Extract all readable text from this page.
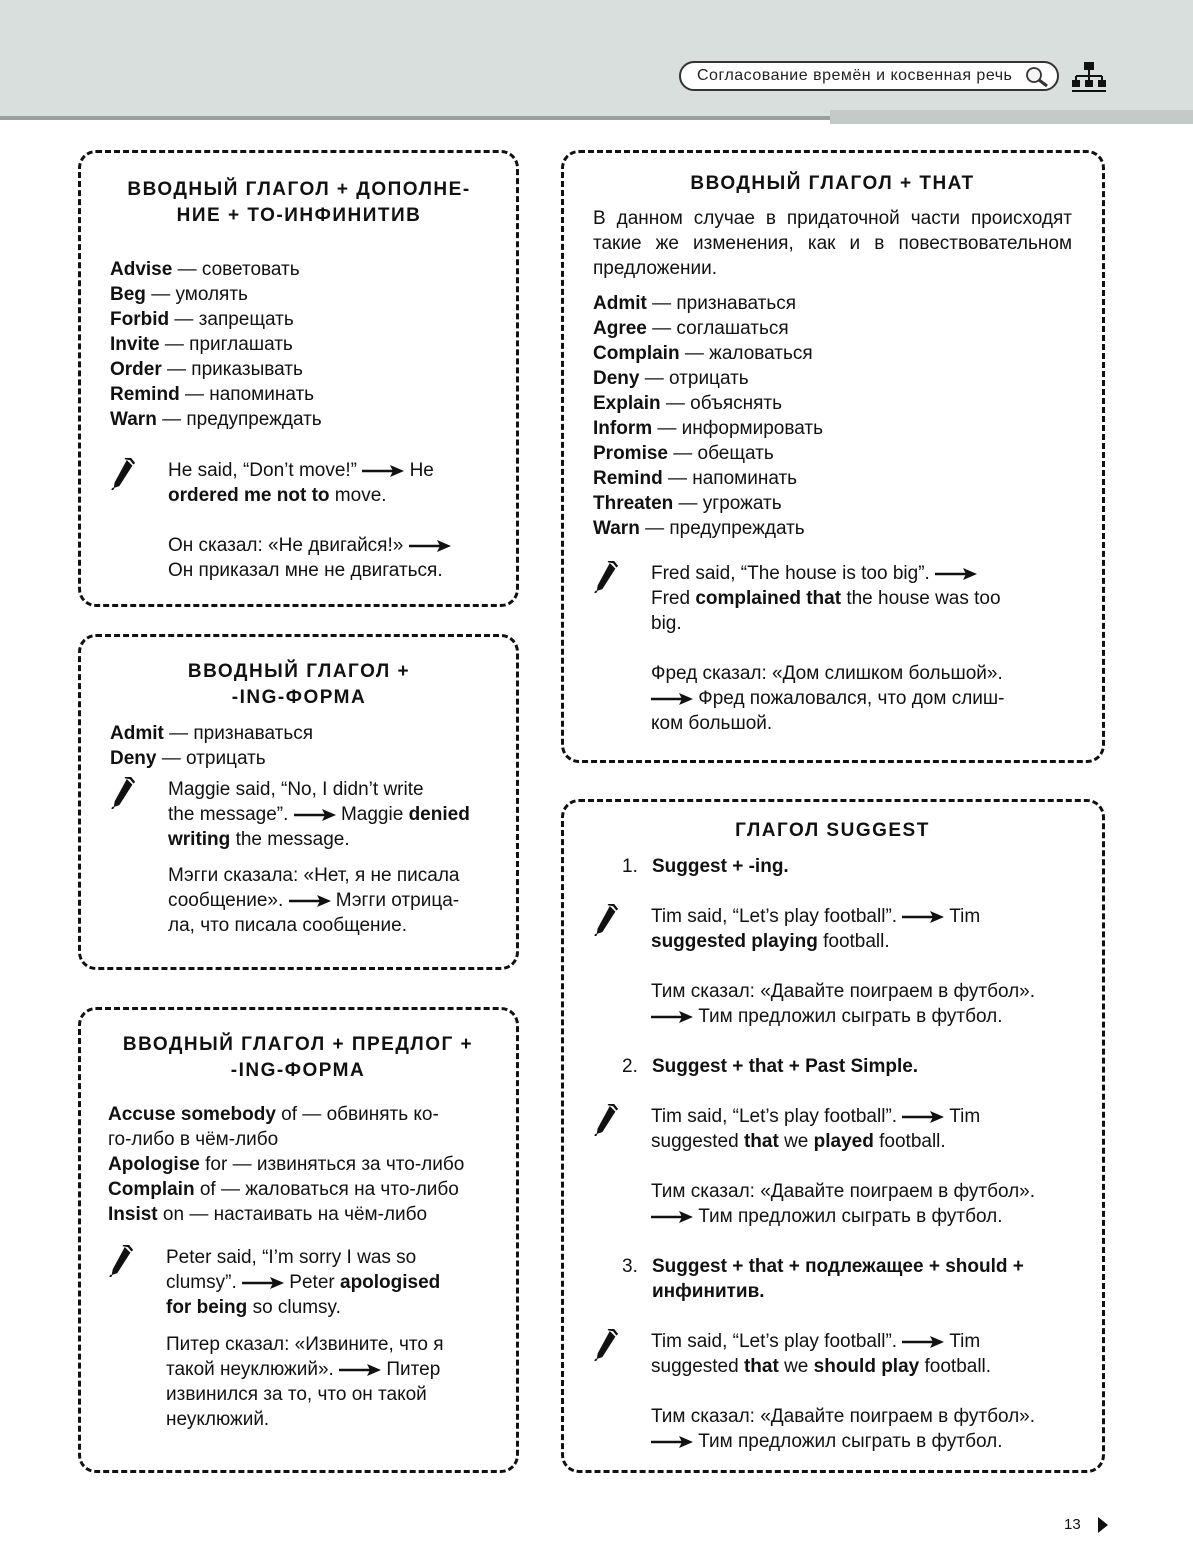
Согласование времён и косвенная речь
ВВОДНЫЙ ГЛАГОЛ + ДОПОЛНЕ-
НИЕ + TO-ИНФИНИТИВ
Advise — советовать
Beg — умолять
Forbid — запрещать
Invite — приглашать
Order — приказывать
Remind — напоминать
Warn — предупреждать
He said, “Don’t move!”	He
ordered me not to move.
Он сказал: «Не двигайся!»
Он приказал мне не двигаться.
ВВОДНЫЙ ГЛАГОЛ +
-ING-ФОРМА
Admit — признаваться
Deny — отрицать
Maggie said, “No, I didn’t write
the message”.	Maggie denied
writing the message.
Мэгги сказала: «Нет, я не писала
сообщение».	Мэгги отрица-
ла, что писала сообщение.
ВВОДНЫЙ ГЛАГОЛ + ПРЕДЛОГ +
-ING-ФОРМА
Accuse somebody of — обвинять ко-
го-либо в чём-либо
Apologise for — извиняться за что-либо
Complain of — жаловаться на что-либо
Insist on — настаивать на чём-либо
Peter said, “I’m sorry I was so
clumsy”.	Peter apologised
for being so clumsy.
Питер сказал: «Извините, что я
такой неуклюжий».	Питер
извинился за то, что он такой
неуклюжий.
ВВОДНЫЙ ГЛАГОЛ + THAT
В данном случае в придаточной части происходят такие же изменения, как и в повествовательном предложении.
Admit — признаваться
Agree — соглашаться
Complain — жаловаться
Deny — отрицать
Explain — объяснять
Inform — информировать
Promise — обещать
Remind — напоминать
Threaten — угрожать
Warn — предупреждать
Fred said, “The house is too big”.
Fred complained that the house was too
big.
Фред сказал: «Дом слишком большой».
Фред пожаловался, что дом слиш-
ком большой.
ГЛАГОЛ SUGGEST
1. Suggest + -ing.
Tim said, “Let’s play football”.	Tim
suggested playing football.
Тим сказал: «Давайте поиграем в футбол».
Тим предложил сыграть в футбол.
2. Suggest + that + Past Simple.
Tim said, “Let’s play football”.	Tim
suggested that we played football.
Тим сказал: «Давайте поиграем в футбол».
Тим предложил сыграть в футбол.
3. Suggest + that + подлежащее + should +
инфинитив.
Tim said, “Let’s play football”.	Tim
suggested that we should play football.
Тим сказал: «Давайте поиграем в футбол».
Тим предложил сыграть в футбол.
13
